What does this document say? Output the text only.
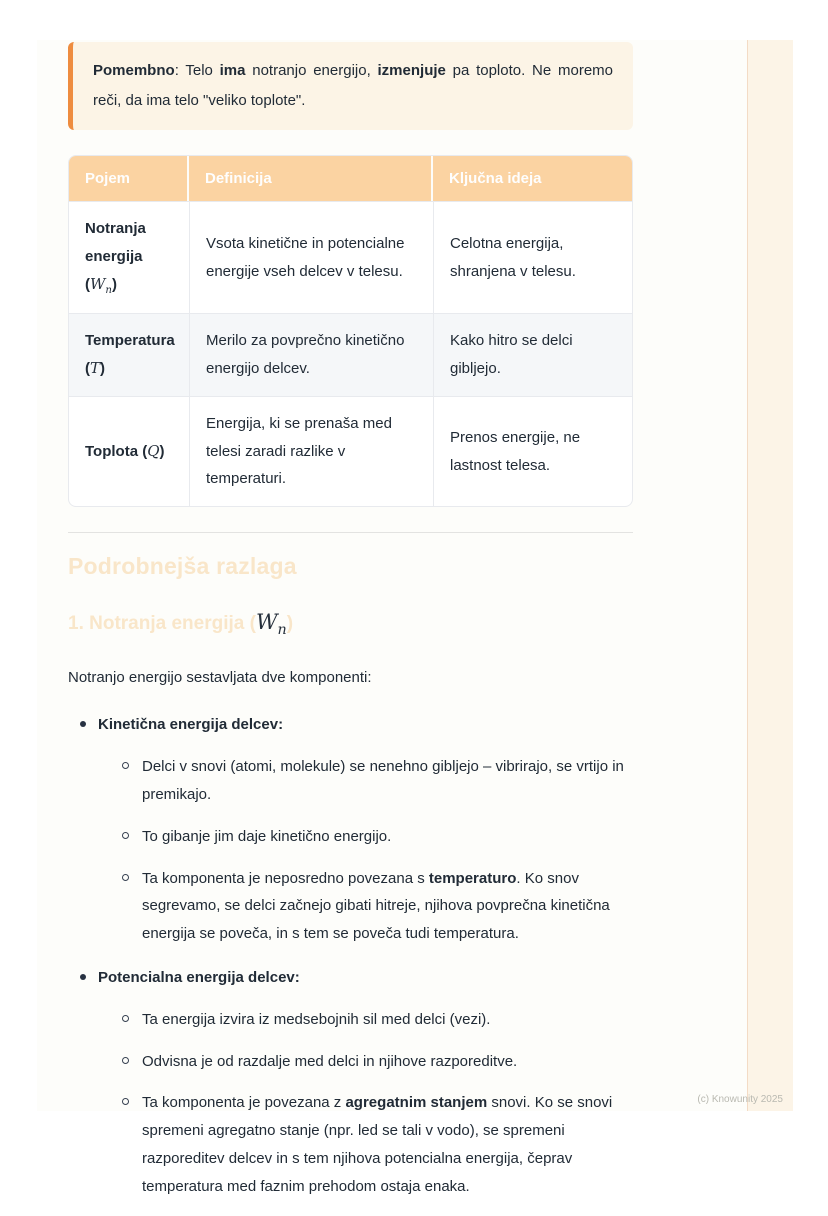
Pomembno: Telo ima notranjo energijo, izmenjuje pa toploto. Ne moremo reči, da ima telo "veliko toplote".

Pojem	Definicija	Ključna ideja
Notranja energija $(W_n)$	Vsota kinetične in potencialne energije vseh delcev v telesu.	Celotna energija, shranjena v telesu.
Temperatura (T)	Merilo za povprečno kinetično energijo delcev.	Kako hitro se delci gibljejo.
Toplota (Q)	Energija, ki se prenaša med telesi zaradi razlike v temperaturi.	Prenos energije, ne lastnost telesa.
Podrobnejša razlaga
1. Notranja energija $(W_n)$

Notranjo energijo sestavljata dve komponenti:

Kinetična energija delcev:
Delci v snovi (atomi, molekule) se nenehno gibljejo – vibrirajo, se vrtijo in premikajo.
To gibanje jim daje kinetično energijo.
Ta komponenta je neposredno povezana s temperaturo. Ko snov segrevamo, se delci začnejo gibati hitreje, njihova povprečna kinetična energija se poveča, in s tem se poveča tudi temperatura.
Potencialna energija delcev:
Ta energija izvira iz medsebojnih sil med delci (vezi).
Odvisna je od razdalje med delci in njihove razporeditve.
Ta komponenta je povezana z agregatnim stanjem snovi. Ko se snovi spremeni agregatno stanje (npr. led se tali v vodo), se spremeni razporeditev delcev in s tem njihova potencialna energija, čeprav temperatura med faznim prehodom ostaja enaka.
(c) Knowunity 2025
